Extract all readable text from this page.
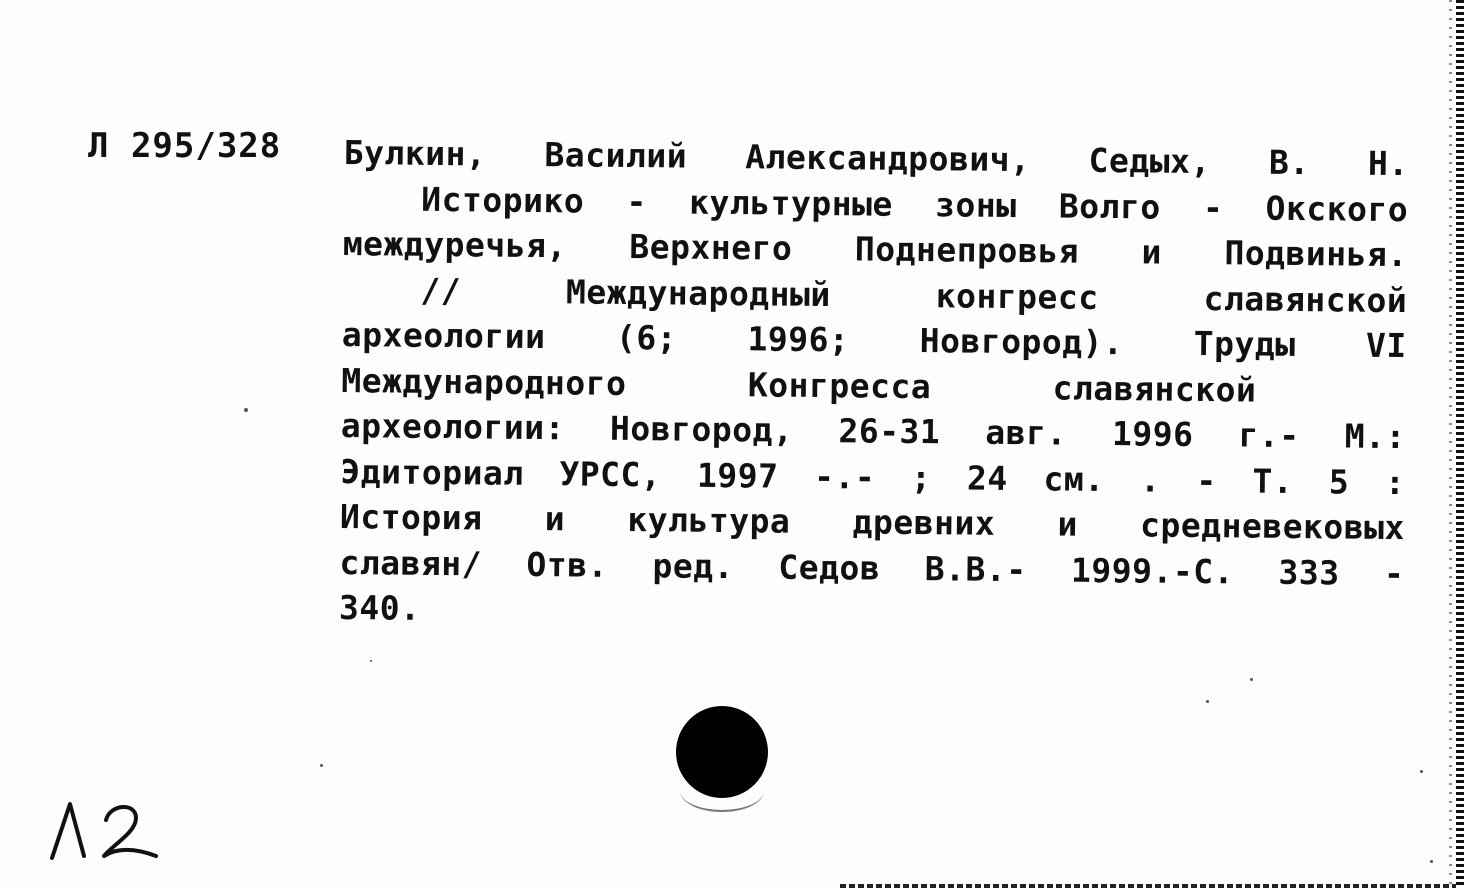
Л 295/328 Булкин, Василий Александрович, Седых, В. Н.
Историко - культурные зоны Волго - Окского
междуречья, Верхнего Поднепровья и Подвинья.
// Международный конгресс славянской
археологии (6; 1996; Новгород). Труды VI
Международного Конгресса славянской
археологии: Новгород, 26-31 авг. 1996 г.- М.:
Эдиториал УРСС, 1997 -.- ; 24 см. . - Т. 5 :
История и культура древних и средневековых
славян/ Отв. ред. Седов В.В.- 1999.-С. 333 -
340.
